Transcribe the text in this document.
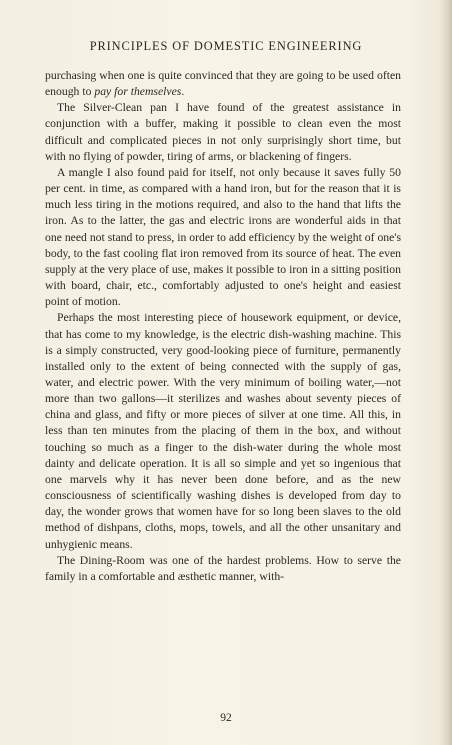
PRINCIPLES OF DOMESTIC ENGINEERING

purchasing when one is quite convinced that they are going to be used often enough to pay for themselves.

The Silver-Clean pan I have found of the greatest assistance in conjunction with a buffer, making it possible to clean even the most difficult and complicated pieces in not only surprisingly short time, but with no flying of powder, tiring of arms, or blackening of fingers.

A mangle I also found paid for itself, not only because it saves fully 50 per cent. in time, as compared with a hand iron, but for the reason that it is much less tiring in the motions required, and also to the hand that lifts the iron. As to the latter, the gas and electric irons are wonderful aids in that one need not stand to press, in order to add efficiency by the weight of one's body, to the fast cooling flat iron removed from its source of heat. The even supply at the very place of use, makes it possible to iron in a sitting position with board, chair, etc., comfortably adjusted to one's height and easiest point of motion.

Perhaps the most interesting piece of housework equipment, or device, that has come to my knowledge, is the electric dish-washing machine. This is a simply constructed, very good-looking piece of furniture, permanently installed only to the extent of being connected with the supply of gas, water, and electric power. With the very minimum of boiling water,—not more than two gallons—it sterilizes and washes about seventy pieces of china and glass, and fifty or more pieces of silver at one time. All this, in less than ten minutes from the placing of them in the box, and without touching so much as a finger to the dish-water during the whole most dainty and delicate operation. It is all so simple and yet so ingenious that one marvels why it has never been done before, and as the new consciousness of scientifically washing dishes is developed from day to day, the wonder grows that women have for so long been slaves to the old method of dishpans, cloths, mops, towels, and all the other unsanitary and unhygienic means.

The Dining-Room was one of the hardest problems. How to serve the family in a comfortable and æsthetic manner, with-

92
